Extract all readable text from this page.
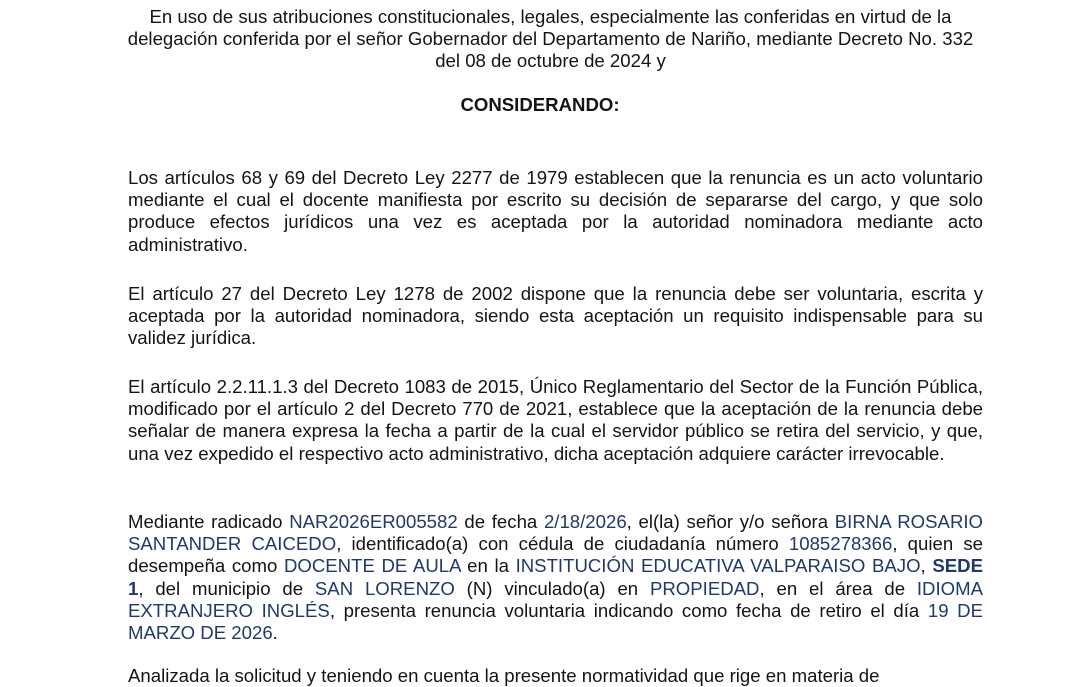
En uso de sus atribuciones constitucionales, legales, especialmente las conferidas en virtud de la delegación conferida por el señor Gobernador del Departamento de Nariño, mediante Decreto No. 332 del 08 de octubre de 2024 y

CONSIDERANDO:

Los artículos 68 y 69 del Decreto Ley 2277 de 1979 establecen que la renuncia es un acto voluntario mediante el cual el docente manifiesta por escrito su decisión de separarse del cargo, y que solo produce efectos jurídicos una vez es aceptada por la autoridad nominadora mediante acto administrativo.

El artículo 27 del Decreto Ley 1278 de 2002 dispone que la renuncia debe ser voluntaria, escrita y aceptada por la autoridad nominadora, siendo esta aceptación un requisito indispensable para su validez jurídica.

El artículo 2.2.11.1.3 del Decreto 1083 de 2015, Único Reglamentario del Sector de la Función Pública, modificado por el artículo 2 del Decreto 770 de 2021, establece que la aceptación de la renuncia debe señalar de manera expresa la fecha a partir de la cual el servidor público se retira del servicio, y que, una vez expedido el respectivo acto administrativo, dicha aceptación adquiere carácter irrevocable.

Mediante radicado NAR2026ER005582 de fecha 2/18/2026, el(la) señor y/o señora BIRNA ROSARIO SANTANDER CAICEDO, identificado(a) con cédula de ciudadanía número 1085278366, quien se desempeña como DOCENTE DE AULA en la INSTITUCIÓN EDUCATIVA VALPARAISO BAJO, SEDE 1, del municipio de SAN LORENZO (N) vinculado(a) en PROPIEDAD, en el área de IDIOMA EXTRANJERO INGLÉS, presenta renuncia voluntaria indicando como fecha de retiro el día 19 DE MARZO DE 2026.

Analizada la solicitud y teniendo en cuenta la presente normatividad que rige en materia de
